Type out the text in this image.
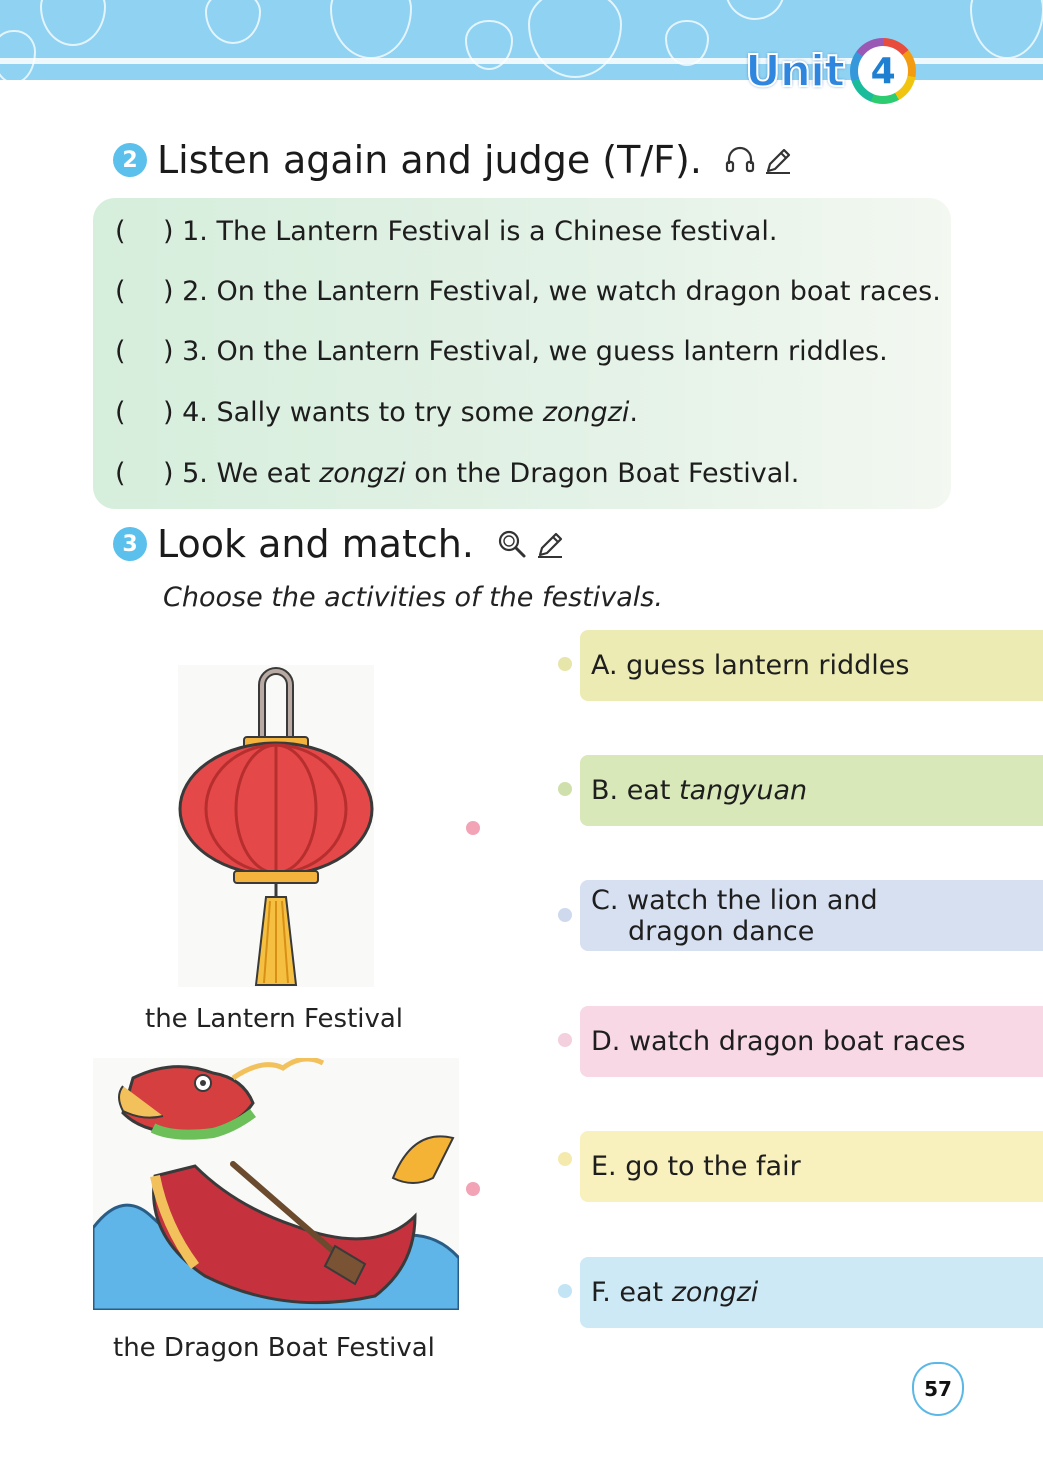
Unit 4
2 Listen again and judge (T/F).
(	) 1. The Lantern Festival is a Chinese festival.
(	) 2. On the Lantern Festival, we watch dragon boat races.
(	) 3. On the Lantern Festival, we guess lantern riddles.
(	) 4. Sally wants to try some zongzi.
(	) 5. We eat zongzi on the Dragon Boat Festival.
3 Look and match.
Choose the activities of the festivals.
the Lantern Festival
the Dragon Boat Festival
A. guess lantern riddles
B. eat tangyuan
C. watch the lion and
dragon dance
D. watch dragon boat races
E. go to the fair
F. eat zongzi
57
